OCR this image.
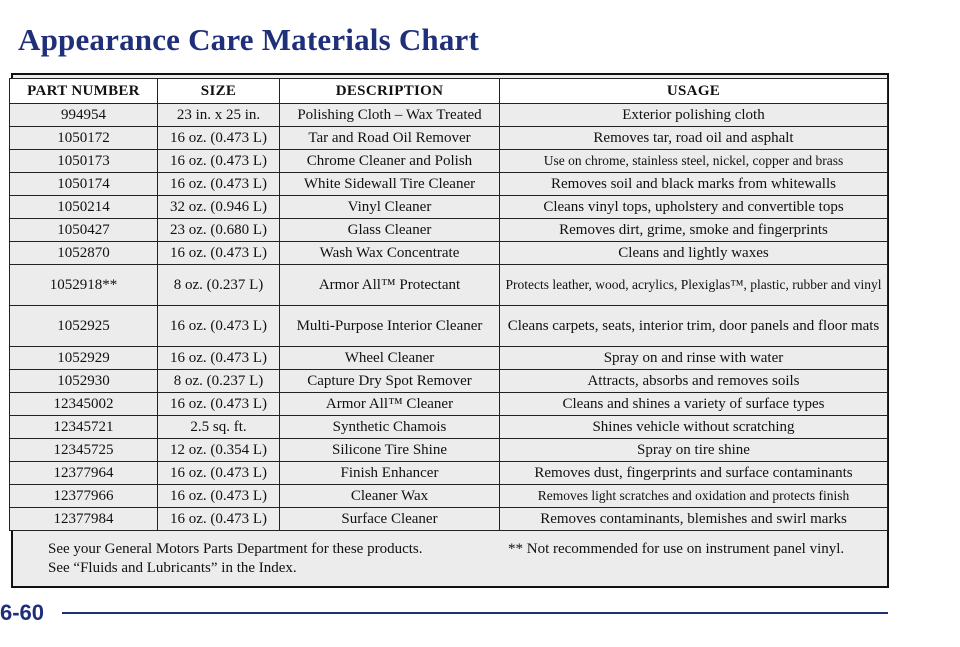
Appearance Care Materials Chart
PART NUMBER	SIZE	DESCRIPTION	USAGE
994954	23 in. x 25 in.	Polishing Cloth – Wax Treated	Exterior polishing cloth
1050172	16 oz. (0.473 L)	Tar and Road Oil Remover	Removes tar, road oil and asphalt
1050173	16 oz. (0.473 L)	Chrome Cleaner and Polish	Use on chrome, stainless steel, nickel, copper and brass
1050174	16 oz. (0.473 L)	White Sidewall Tire Cleaner	Removes soil and black marks from whitewalls
1050214	32 oz. (0.946 L)	Vinyl Cleaner	Cleans vinyl tops, upholstery and convertible tops
1050427	23 oz. (0.680 L)	Glass Cleaner	Removes dirt, grime, smoke and fingerprints
1052870	16 oz. (0.473 L)	Wash Wax Concentrate	Cleans and lightly waxes
1052918**	8 oz. (0.237 L)	Armor All™ Protectant	Protects leather, wood, acrylics, Plexiglas™, plastic, rubber and vinyl
1052925	16 oz. (0.473 L)	Multi-Purpose Interior Cleaner	Cleans carpets, seats, interior trim, door panels and floor mats
1052929	16 oz. (0.473 L)	Wheel Cleaner	Spray on and rinse with water
1052930	8 oz. (0.237 L)	Capture Dry Spot Remover	Attracts, absorbs and removes soils
12345002	16 oz. (0.473 L)	Armor All™ Cleaner	Cleans and shines a variety of surface types
12345721	2.5 sq. ft.	Synthetic Chamois	Shines vehicle without scratching
12345725	12 oz. (0.354 L)	Silicone Tire Shine	Spray on tire shine
12377964	16 oz. (0.473 L)	Finish Enhancer	Removes dust, fingerprints and surface contaminants
12377966	16 oz. (0.473 L)	Cleaner Wax	Removes light scratches and oxidation and protects finish
12377984	16 oz. (0.473 L)	Surface Cleaner	Removes contaminants, blemishes and swirl marks
See your General Motors Parts Department for these products.
See “Fluids and Lubricants” in the Index.
** Not recommended for use on instrument panel vinyl.
6-60
